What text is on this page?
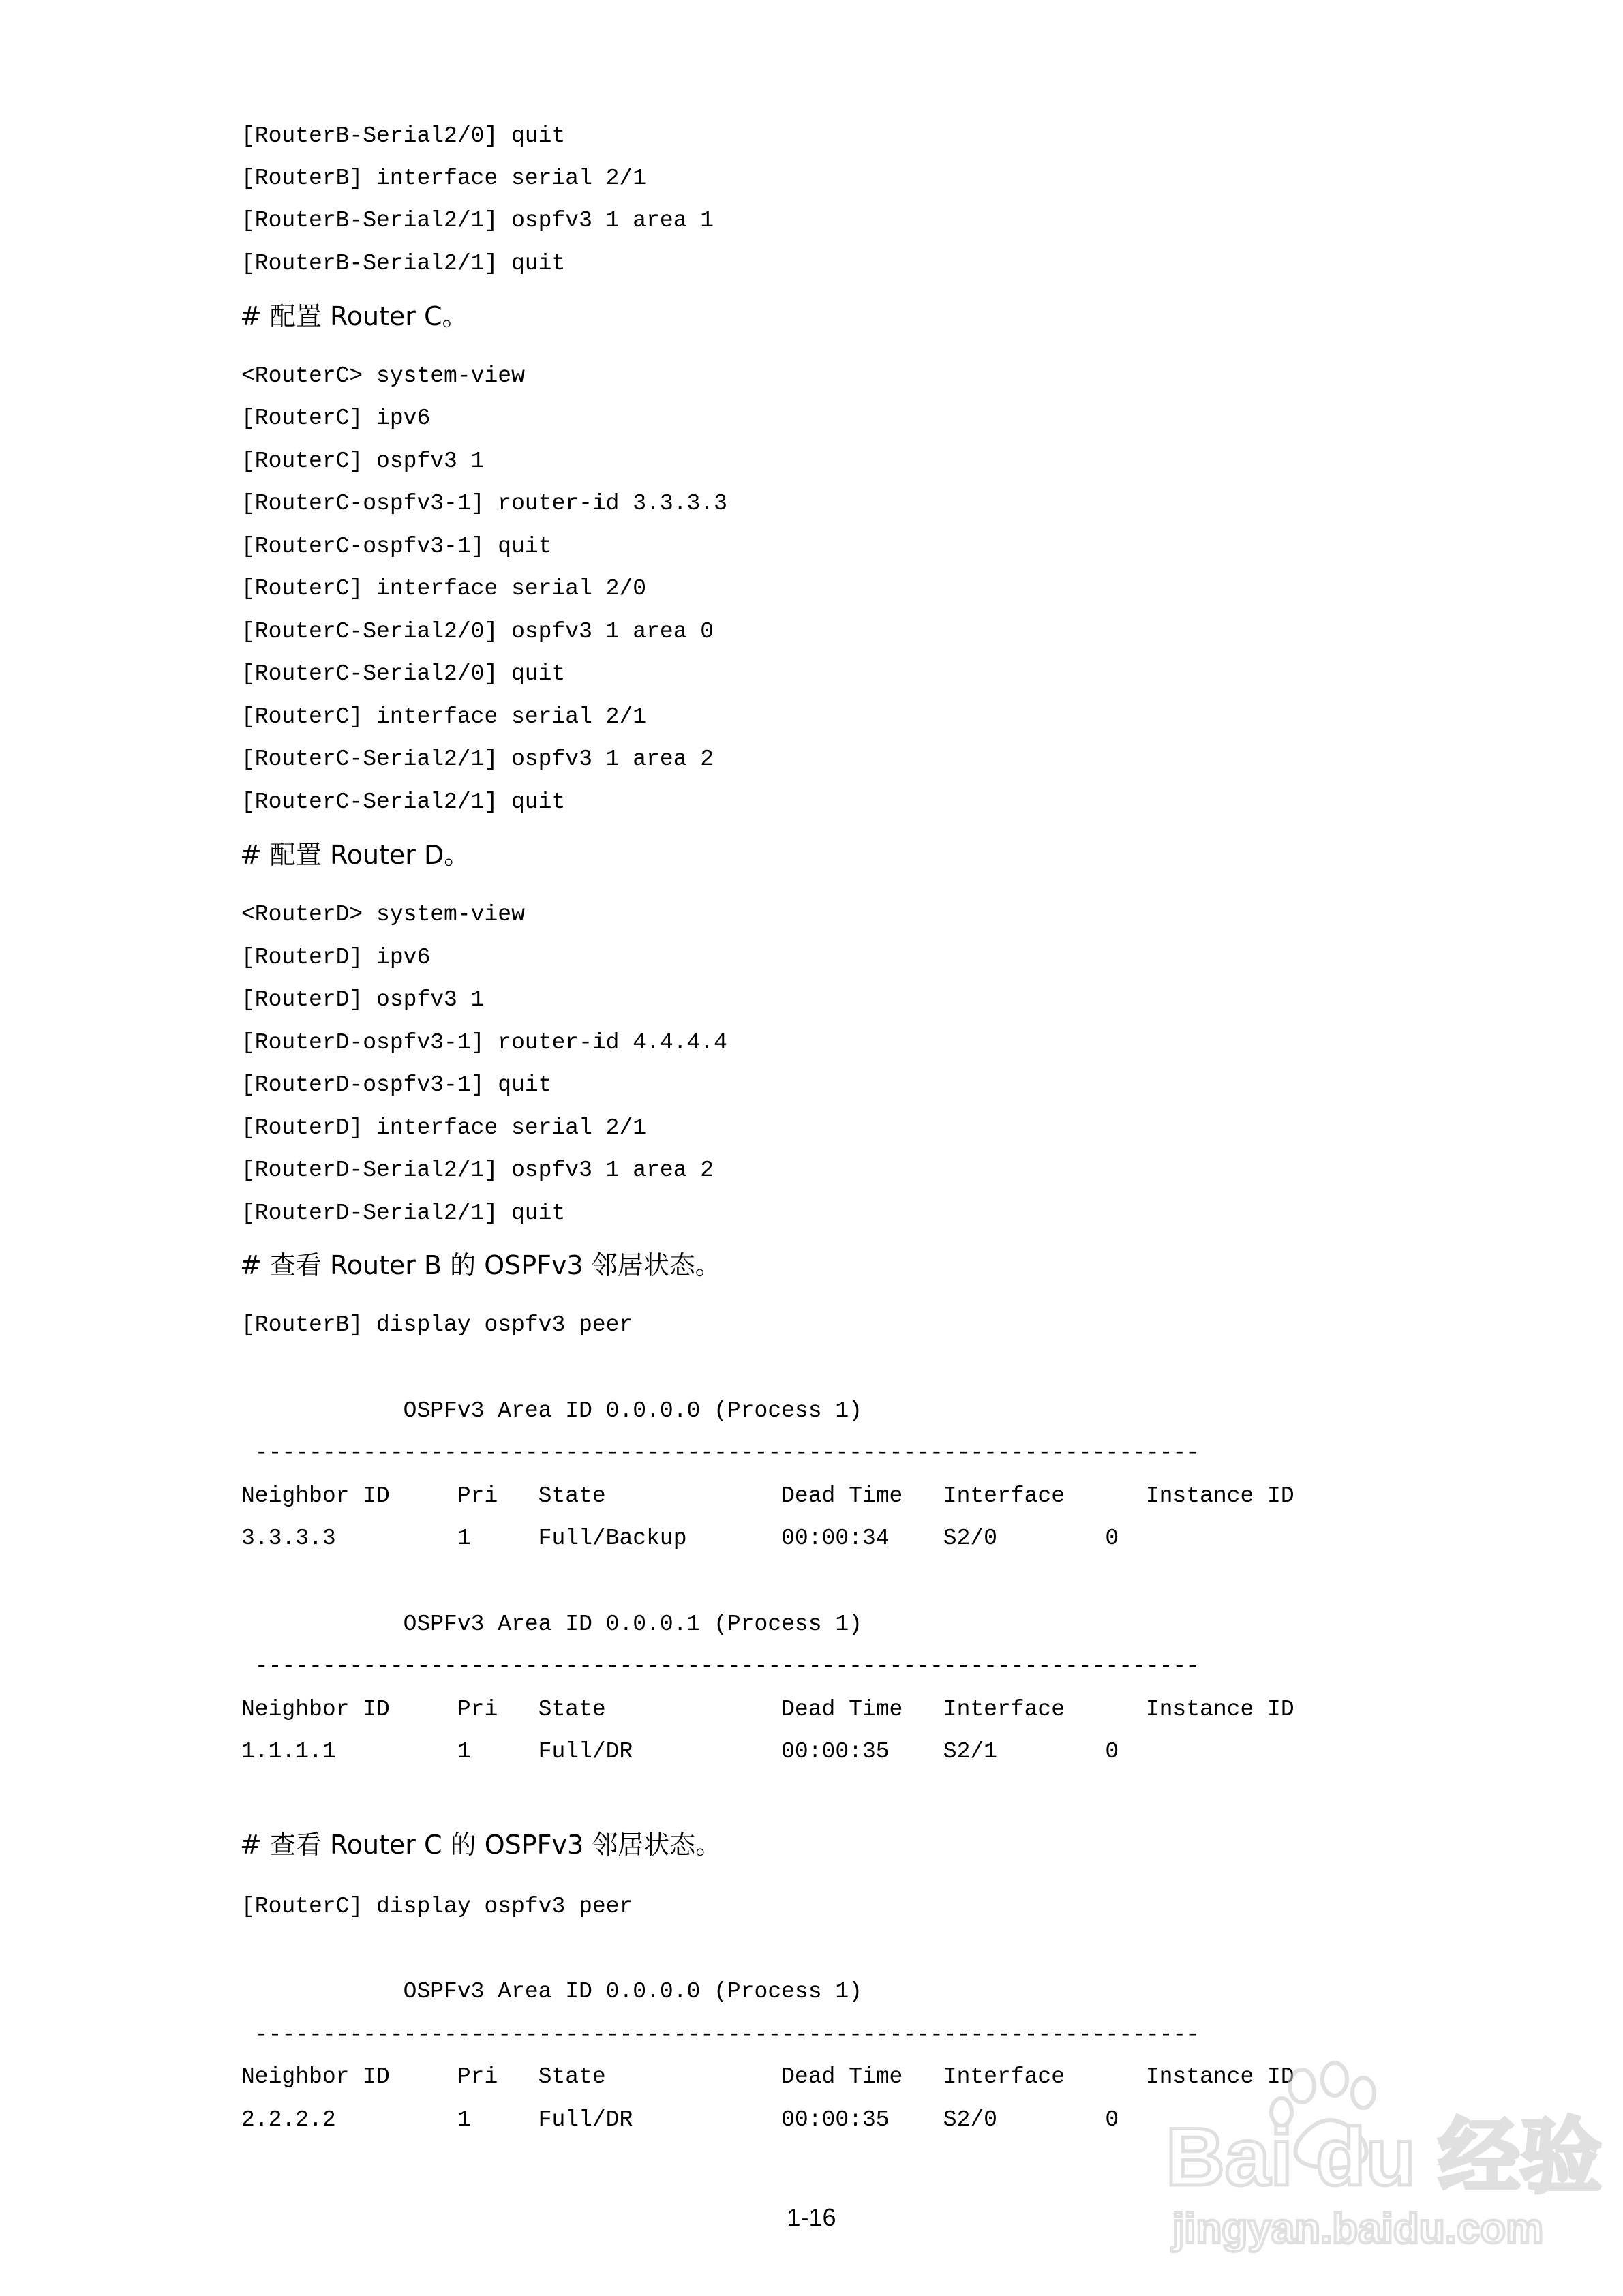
[RouterB-Serial2/0] quit
[RouterB] interface serial 2/1
[RouterB-Serial2/1] ospfv3 1 area 1
[RouterB-Serial2/1] quit
# 配置 Router C。
<RouterC> system-view
[RouterC] ipv6
[RouterC] ospfv3 1
[RouterC-ospfv3-1] router-id 3.3.3.3
[RouterC-ospfv3-1] quit
[RouterC] interface serial 2/0
[RouterC-Serial2/0] ospfv3 1 area 0
[RouterC-Serial2/0] quit
[RouterC] interface serial 2/1
[RouterC-Serial2/1] ospfv3 1 area 2
[RouterC-Serial2/1] quit
# 配置 Router D。
<RouterD> system-view
[RouterD] ipv6
[RouterD] ospfv3 1
[RouterD-ospfv3-1] router-id 4.4.4.4
[RouterD-ospfv3-1] quit
[RouterD] interface serial 2/1
[RouterD-Serial2/1] ospfv3 1 area 2
[RouterD-Serial2/1] quit
# 查看 Router B 的 OSPFv3 邻居状态。
[RouterB] display ospfv3 peer
OSPFv3 Area ID 0.0.0.0 (Process 1)
----------------------------------------------------------------------
Neighbor ID     Pri   State             Dead Time   Interface      Instance ID
3.3.3.3         1     Full/Backup       00:00:34    S2/0        0
OSPFv3 Area ID 0.0.0.1 (Process 1)
----------------------------------------------------------------------
Neighbor ID     Pri   State             Dead Time   Interface      Instance ID
1.1.1.1         1     Full/DR           00:00:35    S2/1        0
# 查看 Router C 的 OSPFv3 邻居状态。
[RouterC] display ospfv3 peer
OSPFv3 Area ID 0.0.0.0 (Process 1)
----------------------------------------------------------------------
Neighbor ID     Pri   State             Dead Time   Interface      Instance ID
2.2.2.2         1     Full/DR           00:00:35    S2/0        0
1-16
Bai du 经验
jingyan.baidu.com
